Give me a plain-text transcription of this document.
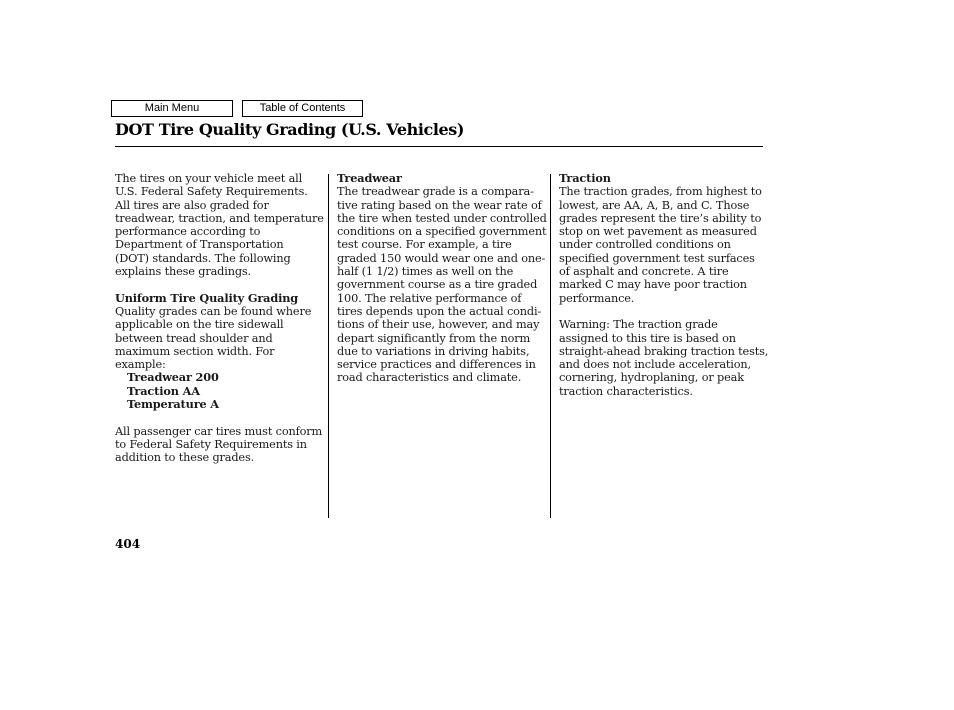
Main Menu	Table of Contents
DOT Tire Quality Grading (U.S. Vehicles)
The tires on your vehicle meet all
U.S. Federal Safety Requirements.
All tires are also graded for
treadwear, traction, and temperature
performance according to
Department of Transportation
(DOT) standards. The following
explains these gradings.
Uniform Tire Quality Grading
Quality grades can be found where
applicable on the tire sidewall
between tread shoulder and
maximum section width. For
example:
Treadwear 200
Traction AA
Temperature A
All passenger car tires must conform
to Federal Safety Requirements in
addition to these grades.
Treadwear
The treadwear grade is a compara-
tive rating based on the wear rate of
the tire when tested under controlled
conditions on a specified government
test course. For example, a tire
graded 150 would wear one and one-
half (1 1/2) times as well on the
government course as a tire graded
100. The relative performance of
tires depends upon the actual condi-
tions of their use, however, and may
depart significantly from the norm
due to variations in driving habits,
service practices and differences in
road characteristics and climate.
Traction
The traction grades, from highest to
lowest, are AA, A, B, and C. Those
grades represent the tire’s ability to
stop on wet pavement as measured
under controlled conditions on
specified government test surfaces
of asphalt and concrete. A tire
marked C may have poor traction
performance.
Warning: The traction grade
assigned to this tire is based on
straight-ahead braking traction tests,
and does not include acceleration,
cornering, hydroplaning, or peak
traction characteristics.
404
